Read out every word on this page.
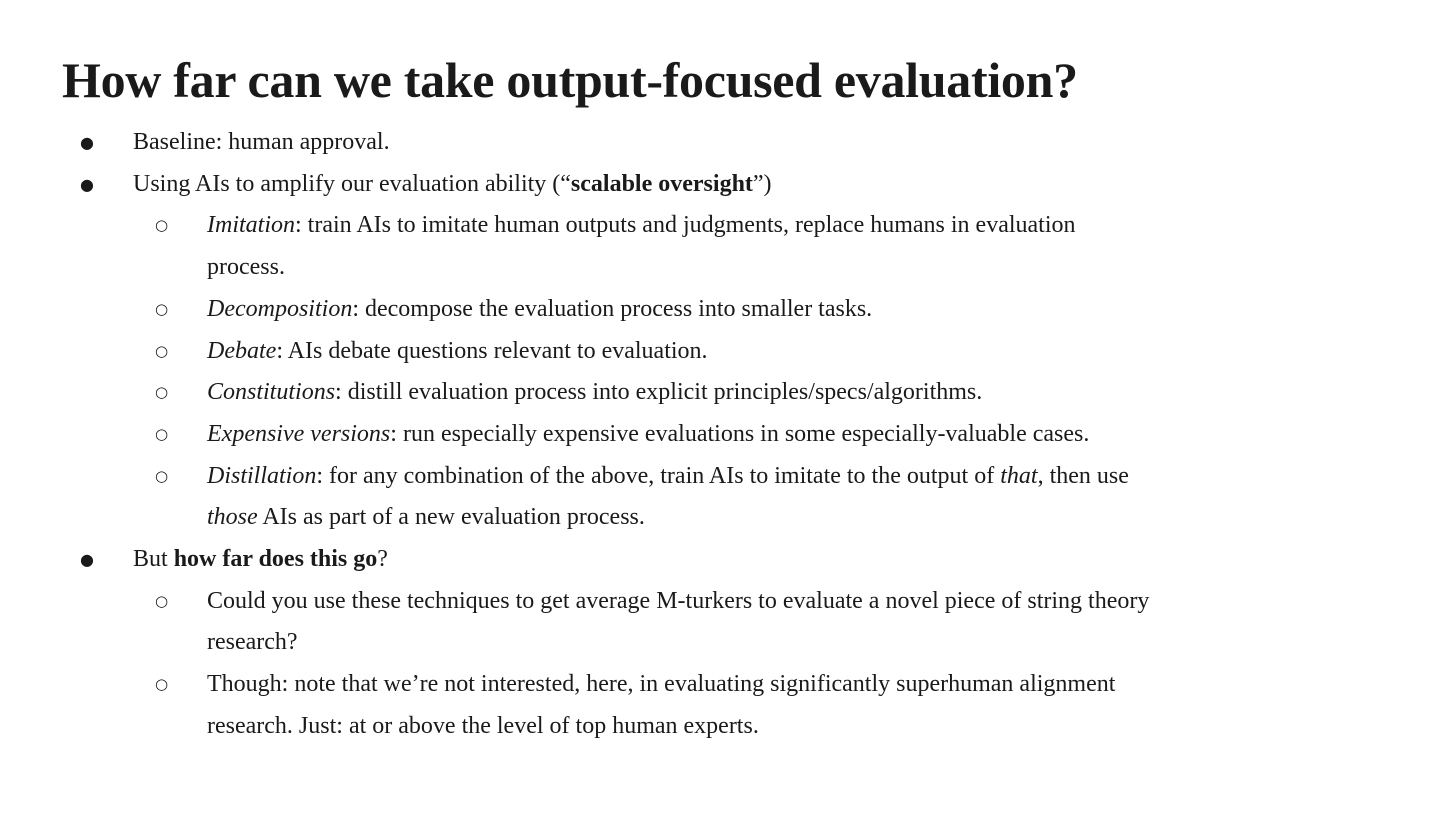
How far can we take output-focused evaluation?
● Baseline: human approval.
● Using AIs to amplify our evaluation ability (“scalable oversight”)
○ Imitation: train AIs to imitate human outputs and judgments, replace humans in evaluation
process.
○ Decomposition: decompose the evaluation process into smaller tasks.
○ Debate: AIs debate questions relevant to evaluation.
○ Constitutions: distill evaluation process into explicit principles/specs/algorithms.
○ Expensive versions: run especially expensive evaluations in some especially-valuable cases.
○ Distillation: for any combination of the above, train AIs to imitate to the output of that, then use
those AIs as part of a new evaluation process.
● But how far does this go?
○ Could you use these techniques to get average M-turkers to evaluate a novel piece of string theory
research?
○ Though: note that we’re not interested, here, in evaluating significantly superhuman alignment
research. Just: at or above the level of top human experts.
